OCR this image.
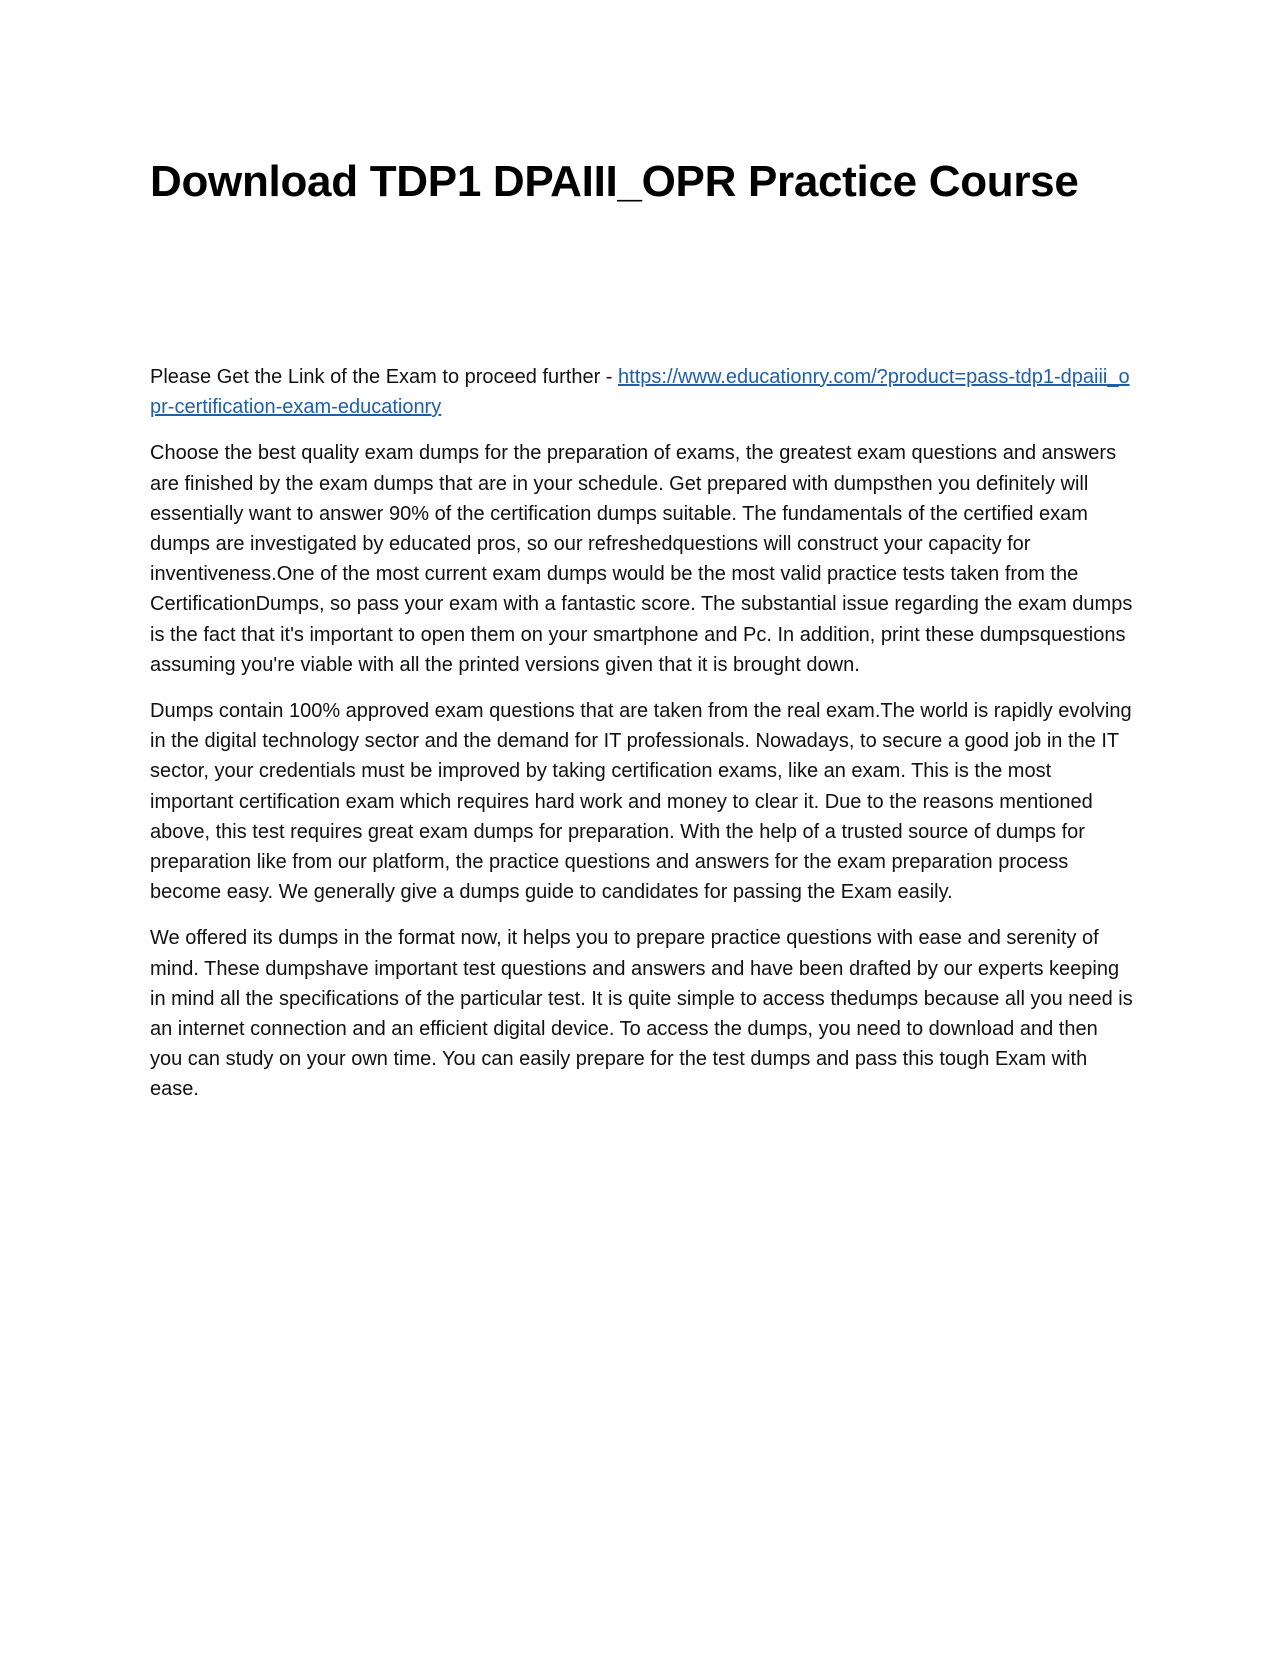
Download TDP1 DPAIII_OPR Practice Course

Please Get the Link of the Exam to proceed further - https://www.educationry.com/?product=pass-tdp1-dpaiii_opr-certification-exam-educationry

Choose the best quality exam dumps for the preparation of exams, the greatest exam questions and answers are finished by the exam dumps that are in your schedule. Get prepared with dumpsthen you definitely will essentially want to answer 90% of the certification dumps suitable. The fundamentals of the certified exam dumps are investigated by educated pros, so our refreshedquestions will construct your capacity for inventiveness.One of the most current exam dumps would be the most valid practice tests taken from the CertificationDumps, so pass your exam with a fantastic score. The substantial issue regarding the exam dumps is the fact that it's important to open them on your smartphone and Pc. In addition, print these dumpsquestions assuming you're viable with all the printed versions given that it is brought down.

Dumps contain 100% approved exam questions that are taken from the real exam.The world is rapidly evolving in the digital technology sector and the demand for IT professionals. Nowadays, to secure a good job in the IT sector, your credentials must be improved by taking certification exams, like an exam. This is the most important certification exam which requires hard work and money to clear it. Due to the reasons mentioned above, this test requires great exam dumps for preparation. With the help of a trusted source of dumps for preparation like from our platform, the practice questions and answers for the exam preparation process become easy. We generally give a dumps guide to candidates for passing the Exam easily.

We offered its dumps in the format now, it helps you to prepare practice questions with ease and serenity of mind. These dumpshave important test questions and answers and have been drafted by our experts keeping in mind all the specifications of the particular test. It is quite simple to access thedumps because all you need is an internet connection and an efficient digital device. To access the dumps, you need to download and then you can study on your own time. You can easily prepare for the test dumps and pass this tough Exam with ease.
